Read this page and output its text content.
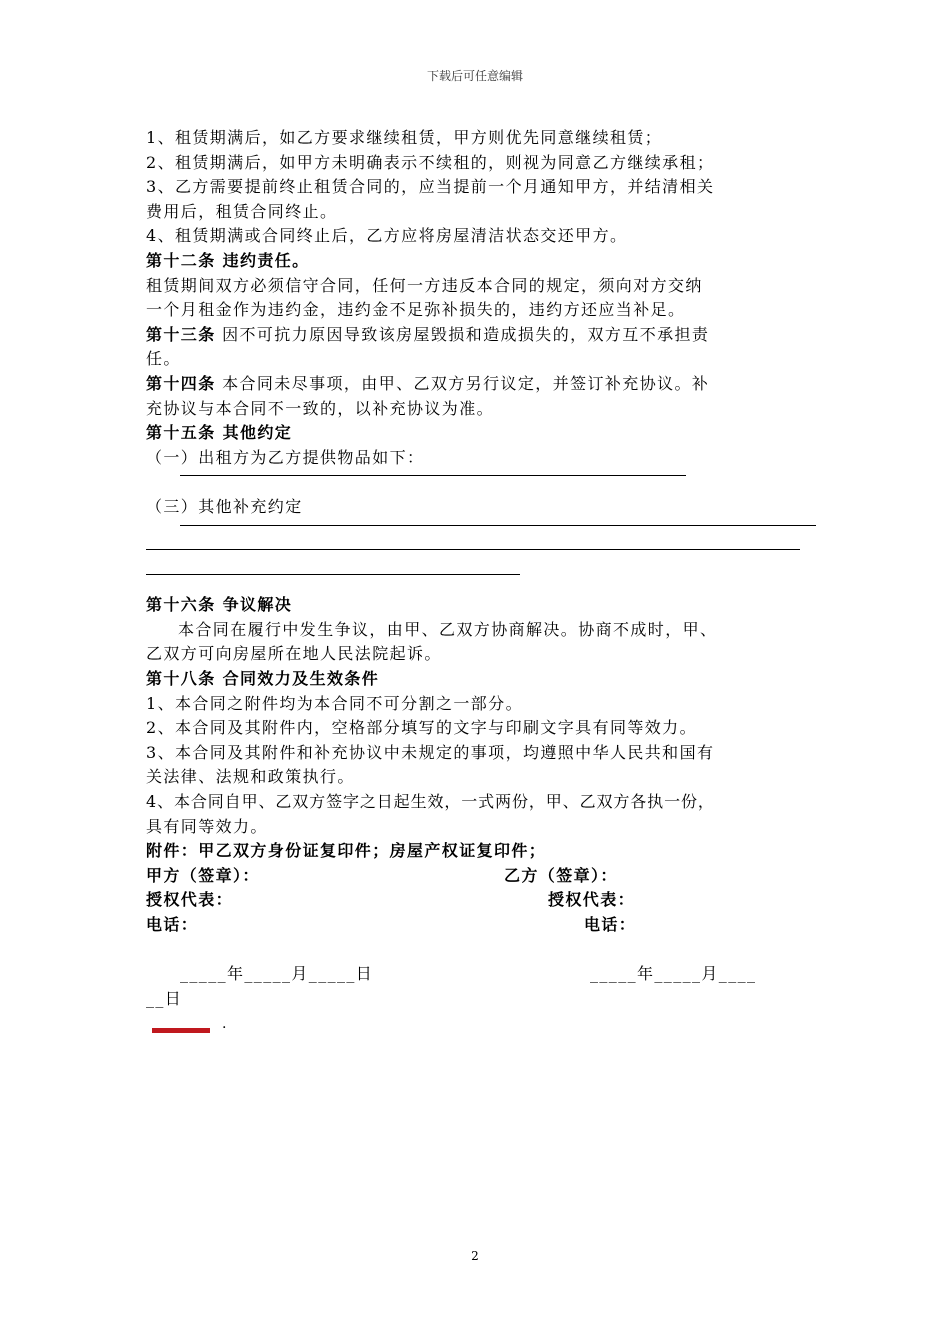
下载后可任意编辑
1、租赁期满后，如乙方要求继续租赁，甲方则优先同意继续租赁；
2、租赁期满后，如甲方未明确表示不续租的，则视为同意乙方继续承租；
3、乙方需要提前终止租赁合同的，应当提前一个月通知甲方，并结清相关
费用后，租赁合同终止。
4、租赁期满或合同终止后，乙方应将房屋清洁状态交还甲方。
第十二条 违约责任。
租赁期间双方必须信守合同，任何一方违反本合同的规定，须向对方交纳
一个月租金作为违约金，违约金不足弥补损失的，违约方还应当补足。
第十三条 因不可抗力原因导致该房屋毁损和造成损失的，双方互不承担责
任。
第十四条 本合同未尽事项，由甲、乙双方另行议定，并签订补充协议。补
充协议与本合同不一致的，以补充协议为准。
第十五条 其他约定
（一）出租方为乙方提供物品如下：
（三）其他补充约定
第十六条 争议解决
本合同在履行中发生争议，由甲、乙双方协商解决。协商不成时，甲、
乙双方可向房屋所在地人民法院起诉。
第十八条 合同效力及生效条件
1、本合同之附件均为本合同不可分割之一部分。
2、本合同及其附件内，空格部分填写的文字与印刷文字具有同等效力。
3、本合同及其附件和补充协议中未规定的事项，均遵照中华人民共和国有
关法律、法规和政策执行。
4、本合同自甲、乙双方签字之日起生效，一式两份，甲、乙双方各执一份，
具有同等效力。
附件：甲乙双方身份证复印件；房屋产权证复印件；
甲方（签章）：	乙方（签章）：
授权代表：	授权代表：
电话：	电话：
_____年_____月_____日	_____年_____月____
__日
.
2
